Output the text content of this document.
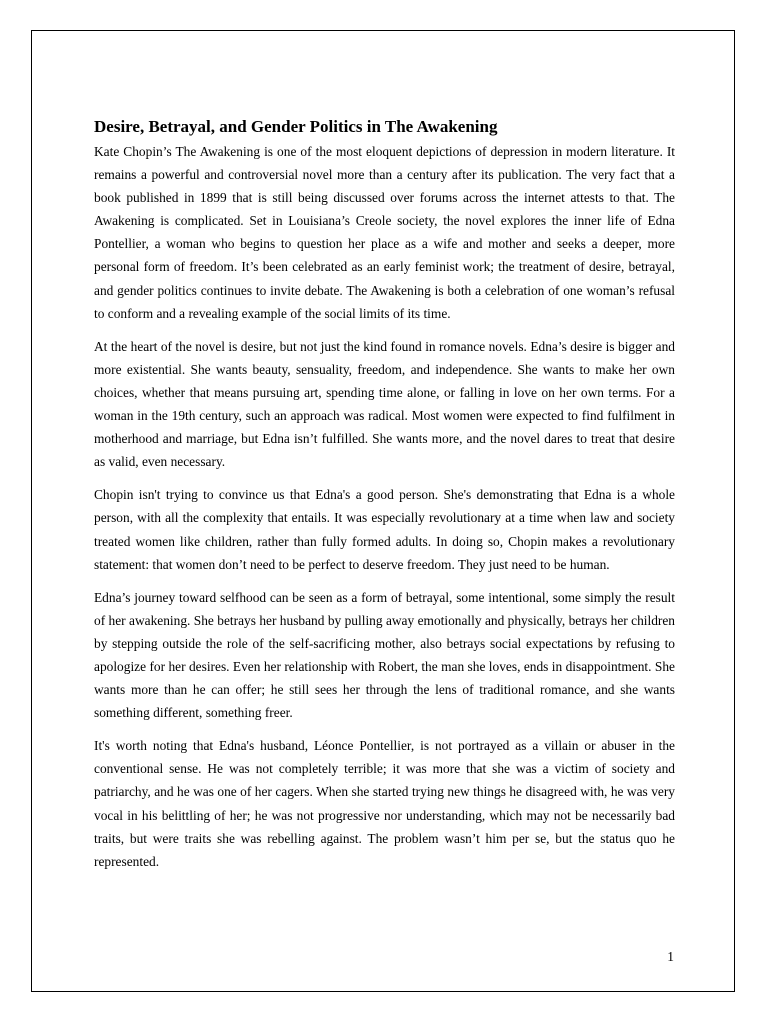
Desire, Betrayal, and Gender Politics in The Awakening

Kate Chopin’s The Awakening is one of the most eloquent depictions of depression in modern literature. It remains a powerful and controversial novel more than a century after its publication. The very fact that a book published in 1899 that is still being discussed over forums across the internet attests to that. The Awakening is complicated. Set in Louisiana’s Creole society, the novel explores the inner life of Edna Pontellier, a woman who begins to question her place as a wife and mother and seeks a deeper, more personal form of freedom. It’s been celebrated as an early feminist work; the treatment of desire, betrayal, and gender politics continues to invite debate. The Awakening is both a celebration of one woman’s refusal to conform and a revealing example of the social limits of its time.

At the heart of the novel is desire, but not just the kind found in romance novels. Edna’s desire is bigger and more existential. She wants beauty, sensuality, freedom, and independence. She wants to make her own choices, whether that means pursuing art, spending time alone, or falling in love on her own terms. For a woman in the 19th century, such an approach was radical. Most women were expected to find fulfilment in motherhood and marriage, but Edna isn’t fulfilled. She wants more, and the novel dares to treat that desire as valid, even necessary.

Chopin isn't trying to convince us that Edna's a good person. She's demonstrating that Edna is a whole person, with all the complexity that entails. It was especially revolutionary at a time when law and society treated women like children, rather than fully formed adults. In doing so, Chopin makes a revolutionary statement: that women don’t need to be perfect to deserve freedom. They just need to be human.

Edna’s journey toward selfhood can be seen as a form of betrayal, some intentional, some simply the result of her awakening. She betrays her husband by pulling away emotionally and physically, betrays her children by stepping outside the role of the self-sacrificing mother, also betrays social expectations by refusing to apologize for her desires. Even her relationship with Robert, the man she loves, ends in disappointment. She wants more than he can offer; he still sees her through the lens of traditional romance, and she wants something different, something freer.

It's worth noting that Edna's husband, Léonce Pontellier, is not portrayed as a villain or abuser in the conventional sense. He was not completely terrible; it was more that she was a victim of society and patriarchy, and he was one of her cagers. When she started trying new things he disagreed with, he was very vocal in his belittling of her; he was not progressive nor understanding, which may not be necessarily bad traits, but were traits she was rebelling against. The problem wasn’t him per se, but the status quo he represented.

1
